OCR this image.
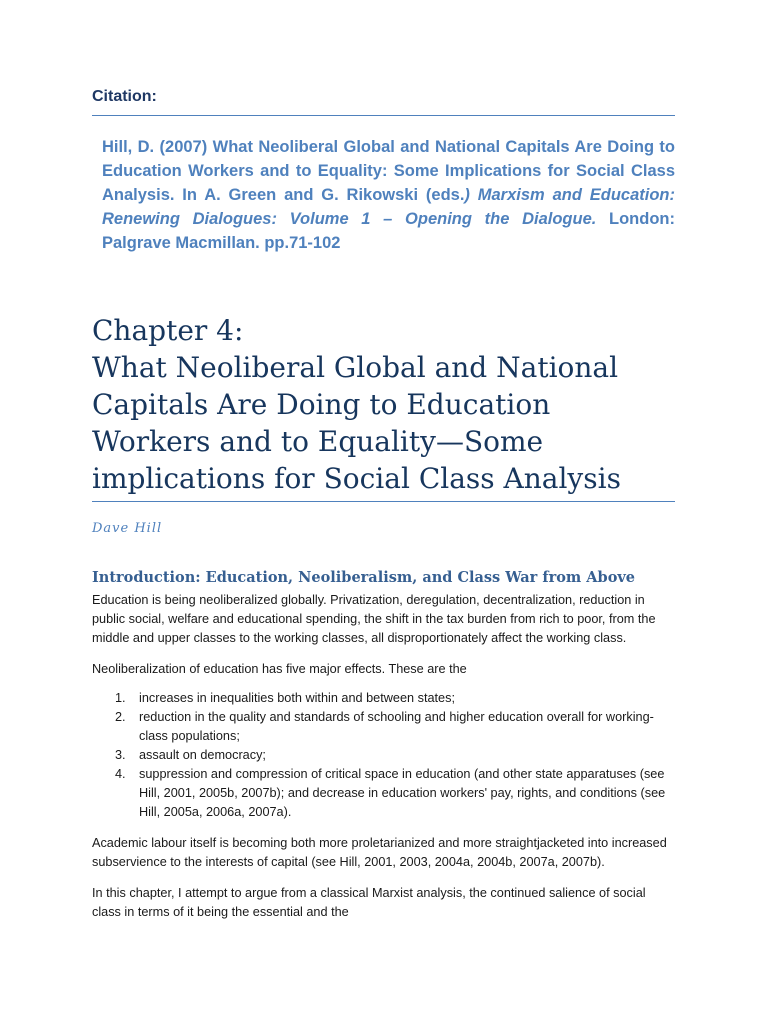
Citation:

Hill, D. (2007) What Neoliberal Global and National Capitals Are Doing to Education Workers and to Equality: Some Implications for Social Class Analysis. In A. Green and G. Rikowski (eds.) Marxism and Education: Renewing Dialogues: Volume 1 – Opening the Dialogue. London: Palgrave Macmillan. pp.71-102

Chapter 4:
What Neoliberal Global and National
Capitals Are Doing to Education
Workers and to Equality—Some
implications for Social Class Analysis

Dave Hill

Introduction: Education, Neoliberalism, and Class War from Above

Education is being neoliberalized globally. Privatization, deregulation, decentralization, reduction in public social, welfare and educational spending, the shift in the tax burden from rich to poor, from the middle and upper classes to the working classes, all disproportionately affect the working class.

Neoliberalization of education has five major effects. These are the

1. increases in inequalities both within and between states;
2. reduction in the quality and standards of schooling and higher education overall for working-class populations;
3. assault on democracy;
4. suppression and compression of critical space in education (and other state apparatuses (see Hill, 2001, 2005b, 2007b); and decrease in education workers' pay, rights, and conditions (see Hill, 2005a, 2006a, 2007a).

Academic labour itself is becoming both more proletarianized and more straightjacketed into increased subservience to the interests of capital (see Hill, 2001, 2003, 2004a, 2004b, 2007a, 2007b).

In this chapter, I attempt to argue from a classical Marxist analysis, the continued salience of social class in terms of it being the essential and the
